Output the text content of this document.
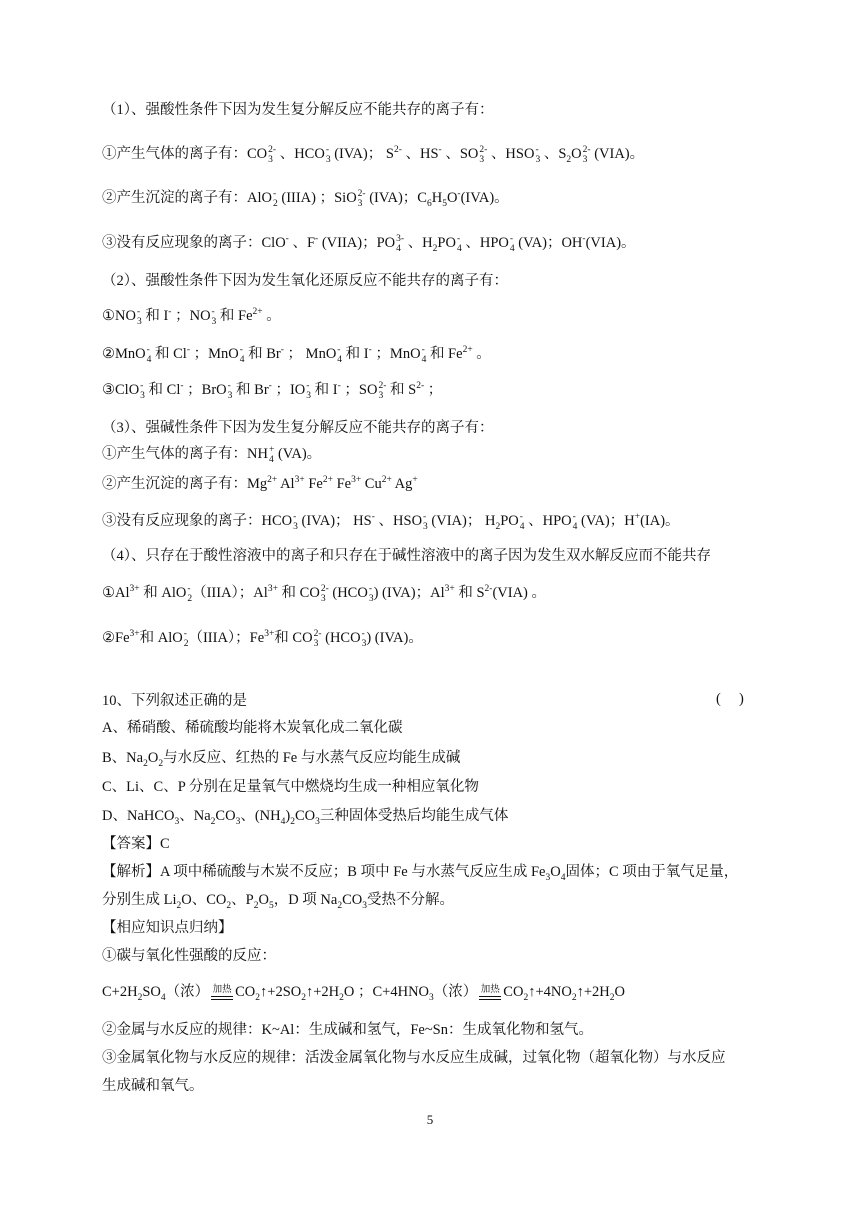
（1）、强酸性条件下因为发生复分解反应不能共存的离子有：
①产生气体的离子有：CO 2-
3 、HCO -
3 (IVA)； $S^{2-}$ 、HS- 、SO 2-
3 、HSO -
3 、$S_2O$ 2-
3 (VIA)。
②产生沉淀的离子有：AlO -
2 (IIIA) ；SiO 2-
3 (IVA)；$C_6H_5O^-(IVA)$。
③没有反应现象的离子：ClO- 、F- (VIIA)；PO 3-
4 、$H_2PO$ -
4 、HPO -
4 (VA)；OH-(VIA)。
（2）、强酸性条件下因为发生氧化还原反应不能共存的离子有：
①NO -
3 和 I- ；NO -
3 和 $Fe^{2+}$ 。
②MnO -
4 和 Cl- ；MnO -
4 和 Br- ； MnO -
4 和 I- ；MnO -
4 和 $Fe^{2+}$ 。
③ClO -
3 和 Cl- ；BrO -
3 和 Br- ；IO -
3 和 I- ；SO 2-
3 和 $S^{2-}$ ；
（3）、强碱性条件下因为发生复分解反应不能共存的离子有：
①产生气体的离子有：NH +
4 (VA)。
②产生沉淀的离子有：$Mg^{2+}$ $Al^{3+}$ $Fe^{2+}$ $Fe^{3+}$ $Cu^{2+}$ Ag+
③没有反应现象的离子：HCO -
3 (IVA)； HS- 、HSO -
3 (VIA)； $H_2PO$ -
4 、HPO -
4 (VA)；H+(IA)。
（4）、只存在于酸性溶液中的离子和只存在于碱性溶液中的离子因为发生双水解反应而不能共存
$①Al^{3+}$ 和 AlO -
2 （IIIA）；$Al^{3+}$ 和 CO 2-
3 (HCO -
3 ) (IVA)；$Al^{3+}$ 和 $S^{2-}(VIA)$ 。
$②Fe^{3+}$和 AlO -
2 （IIIA）；$Fe^{3+}$和 CO 2-
3 (HCO -
3 ) (IVA)。
10、下列叙述正确的是	(     )
A、稀硝酸、稀硫酸均能将木炭氧化成二氧化碳
B、$Na_2O_2$与水反应、红热的 Fe 与水蒸气反应均能生成碱
C、Li、C、P 分别在足量氧气中燃烧均生成一种相应氧化物
D、NaHCO$_3$、$Na_2CO_3$、$(NH_4)_2CO_3$三种固体受热后均能生成气体
【答案】C
【解析】A 项中稀硫酸与木炭不反应；B 项中 Fe 与水蒸气反应生成 $Fe_3O_4$固体；C 项由于氧气足量，
分别生成 $Li_2O$、$CO_2$、$P_2O_5$，D 项 $Na_2CO_3$受热不分解。
【相应知识点归纳】
①碳与氧化性强酸的反应：
$C+2H_2SO_4$（浓） 加热 $CO_2↑+2SO_2↑+2H_2O$ ；$C+4HNO_3$（浓） 加热 $CO_2↑+4NO_2↑+2H_2O$
②金属与水反应的规律：K~Al：生成碱和氢气，Fe~Sn：生成氧化物和氢气。
③金属氧化物与水反应的规律：活泼金属氧化物与水反应生成碱，过氧化物（超氧化物）与水反应
生成碱和氧气。
5
